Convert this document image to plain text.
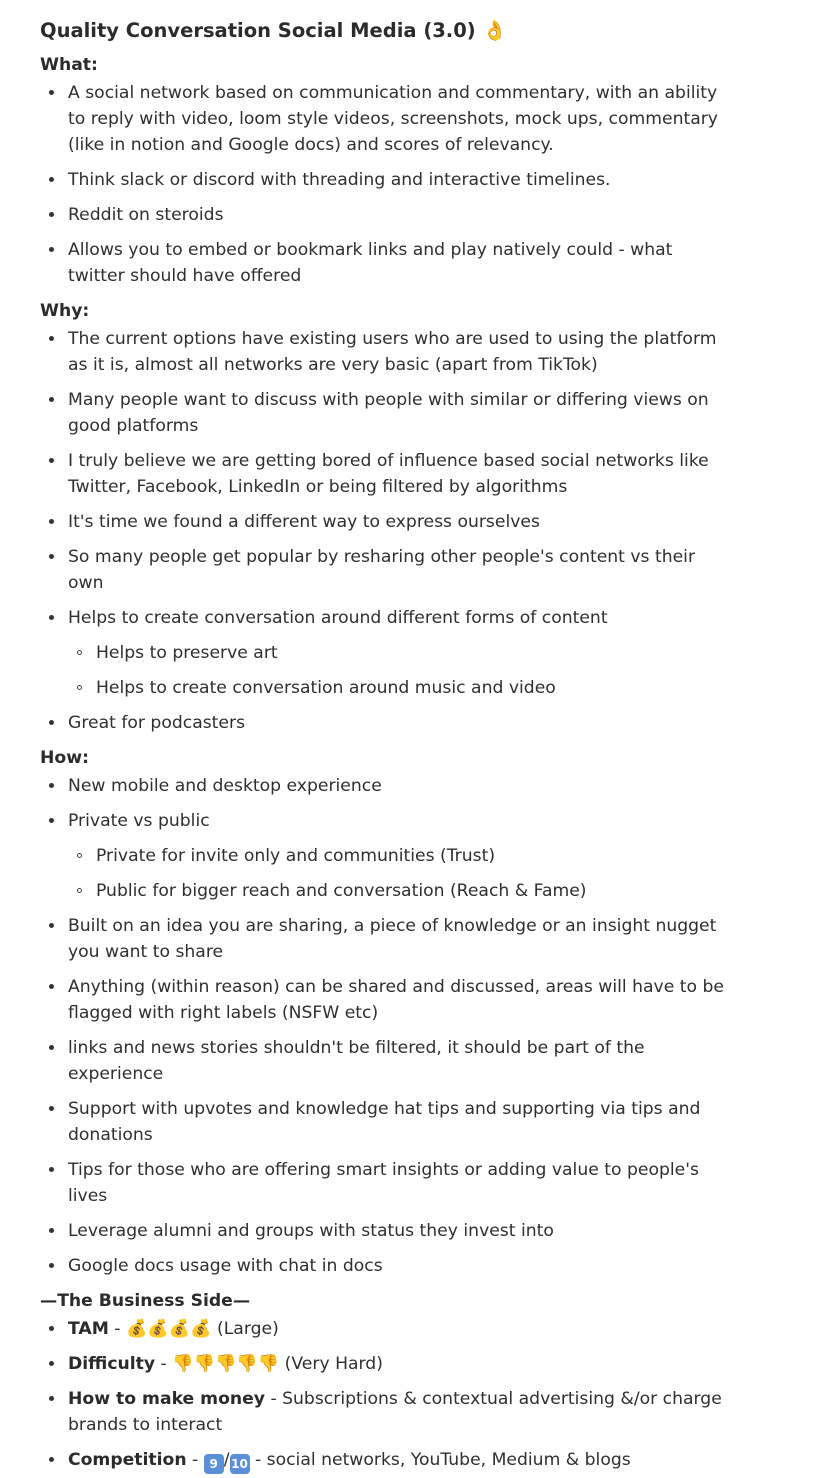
Quality Conversation Social Media (3.0) 👌
What:
A social network based on communication and commentary, with an ability to reply with video, loom style videos, screenshots, mock ups, commentary (like in notion and Google docs) and scores of relevancy.
Think slack or discord with threading and interactive timelines.
Reddit on steroids
Allows you to embed or bookmark links and play natively could - what twitter should have offered
Why:
The current options have existing users who are used to using the platform as it is, almost all networks are very basic (apart from TikTok)
Many people want to discuss with people with similar or differing views on good platforms
I truly believe we are getting bored of influence based social networks like Twitter, Facebook, LinkedIn or being filtered by algorithms
It's time we found a different way to express ourselves
So many people get popular by resharing other people's content vs their own
Helps to create conversation around different forms of content
Helps to preserve art
Helps to create conversation around music and video
Great for podcasters
How:
New mobile and desktop experience
Private vs public
Private for invite only and communities (Trust)
Public for bigger reach and conversation (Reach & Fame)
Built on an idea you are sharing, a piece of knowledge or an insight nugget you want to share
Anything (within reason) can be shared and discussed, areas will have to be flagged with right labels (NSFW etc)
links and news stories shouldn't be filtered, it should be part of the experience
Support with upvotes and knowledge hat tips and supporting via tips and donations
Tips for those who are offering smart insights or adding value to people's lives
Leverage alumni and groups with status they invest into
Google docs usage with chat in docs
—The Business Side—
TAM - 💰💰💰💰 (Large)
Difficulty - 👎👎👎👎👎 (Very Hard)
How to make money - Subscriptions & contextual advertising &/or charge brands to interact
Competition - 9 / 10 - social networks, YouTube, Medium & blogs
